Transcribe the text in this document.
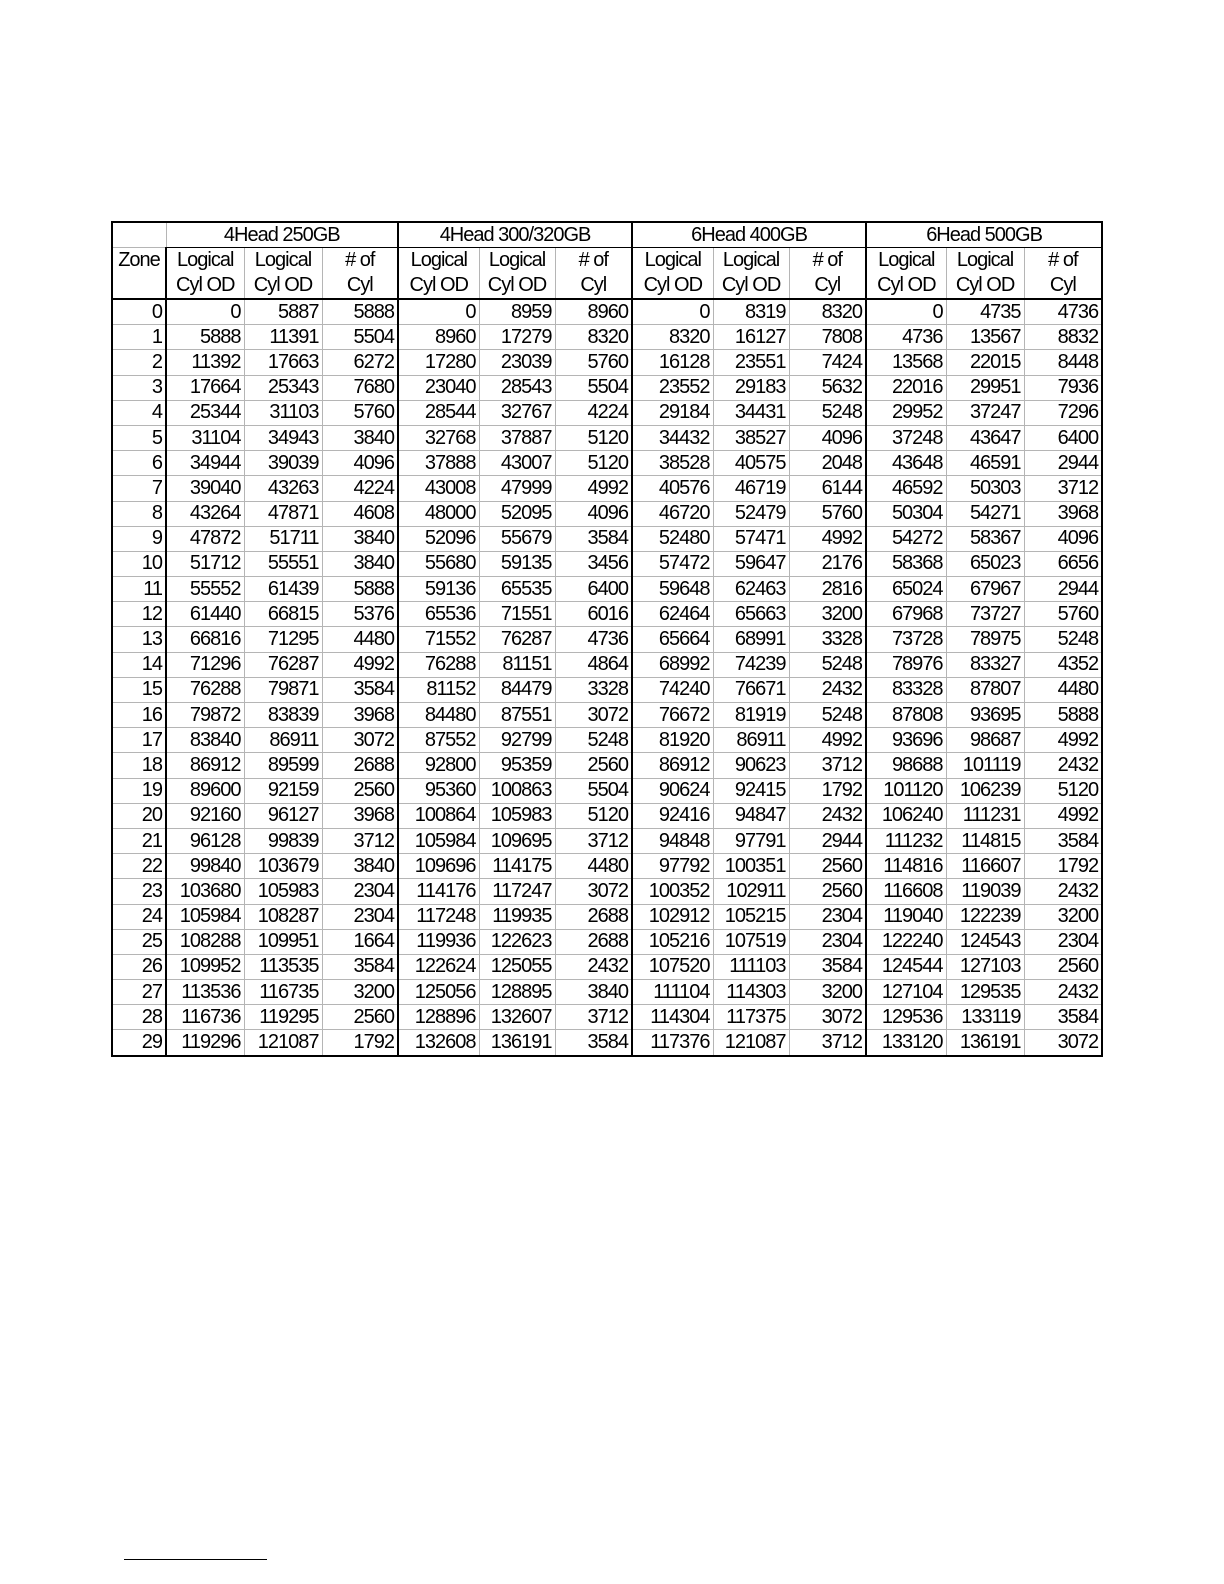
	4Head 250GB			4Head 300/320GB			6Head 400GB			6Head 500GB		
Zone	Logical	Logical	# of	Logical	Logical	# of	Logical	Logical	# of	Logical	Logical	# of
	Cyl OD	Cyl OD	Cyl	Cyl OD	Cyl OD	Cyl	Cyl OD	Cyl OD	Cyl	Cyl OD	Cyl OD	Cyl
0	0	5887	5888	0	8959	8960	0	8319	8320	0	4735	4736
1	5888	11391	5504	8960	17279	8320	8320	16127	7808	4736	13567	8832
2	11392	17663	6272	17280	23039	5760	16128	23551	7424	13568	22015	8448
3	17664	25343	7680	23040	28543	5504	23552	29183	5632	22016	29951	7936
4	25344	31103	5760	28544	32767	4224	29184	34431	5248	29952	37247	7296
5	31104	34943	3840	32768	37887	5120	34432	38527	4096	37248	43647	6400
6	34944	39039	4096	37888	43007	5120	38528	40575	2048	43648	46591	2944
7	39040	43263	4224	43008	47999	4992	40576	46719	6144	46592	50303	3712
8	43264	47871	4608	48000	52095	4096	46720	52479	5760	50304	54271	3968
9	47872	51711	3840	52096	55679	3584	52480	57471	4992	54272	58367	4096
10	51712	55551	3840	55680	59135	3456	57472	59647	2176	58368	65023	6656
11	55552	61439	5888	59136	65535	6400	59648	62463	2816	65024	67967	2944
12	61440	66815	5376	65536	71551	6016	62464	65663	3200	67968	73727	5760
13	66816	71295	4480	71552	76287	4736	65664	68991	3328	73728	78975	5248
14	71296	76287	4992	76288	81151	4864	68992	74239	5248	78976	83327	4352
15	76288	79871	3584	81152	84479	3328	74240	76671	2432	83328	87807	4480
16	79872	83839	3968	84480	87551	3072	76672	81919	5248	87808	93695	5888
17	83840	86911	3072	87552	92799	5248	81920	86911	4992	93696	98687	4992
18	86912	89599	2688	92800	95359	2560	86912	90623	3712	98688	101119	2432
19	89600	92159	2560	95360	100863	5504	90624	92415	1792	101120	106239	5120
20	92160	96127	3968	100864	105983	5120	92416	94847	2432	106240	111231	4992
21	96128	99839	3712	105984	109695	3712	94848	97791	2944	111232	114815	3584
22	99840	103679	3840	109696	114175	4480	97792	100351	2560	114816	116607	1792
23	103680	105983	2304	114176	117247	3072	100352	102911	2560	116608	119039	2432
24	105984	108287	2304	117248	119935	2688	102912	105215	2304	119040	122239	3200
25	108288	109951	1664	119936	122623	2688	105216	107519	2304	122240	124543	2304
26	109952	113535	3584	122624	125055	2432	107520	111103	3584	124544	127103	2560
27	113536	116735	3200	125056	128895	3840	111104	114303	3200	127104	129535	2432
28	116736	119295	2560	128896	132607	3712	114304	117375	3072	129536	133119	3584
29	119296	121087	1792	132608	136191	3584	117376	121087	3712	133120	136191	3072
